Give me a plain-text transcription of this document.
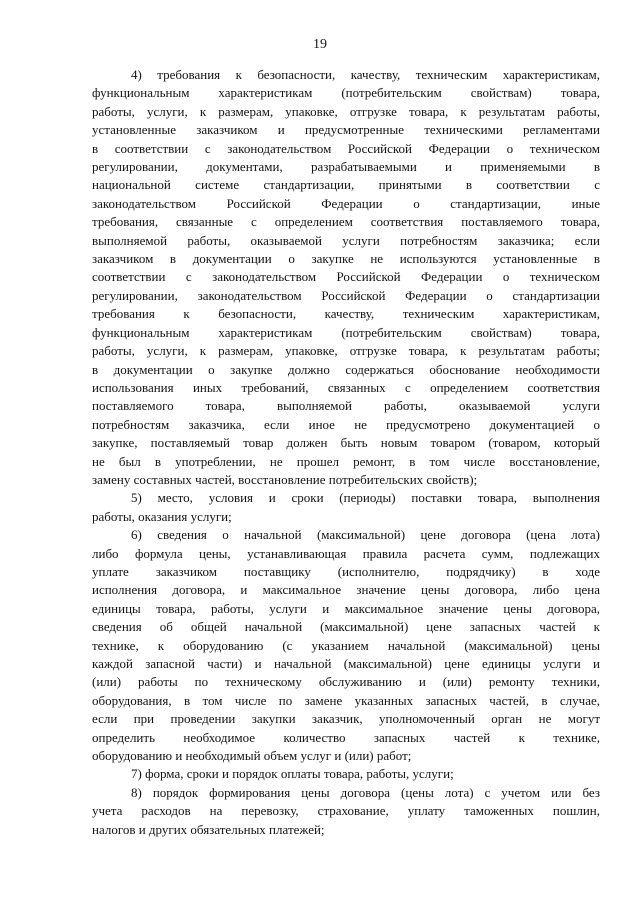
19
4) требования к безопасности, качеству, техническим характеристикам,
функциональным характеристикам (потребительским свойствам) товара,
работы, услуги, к размерам, упаковке, отгрузке товара, к результатам работы,
установленные заказчиком и предусмотренные техническими регламентами
в соответствии с законодательством Российской Федерации о техническом
регулировании, документами, разрабатываемыми и применяемыми в
национальной системе стандартизации, принятыми в соответствии с
законодательством Российской Федерации о стандартизации, иные
требования, связанные с определением соответствия поставляемого товара,
выполняемой работы, оказываемой услуги потребностям заказчика; если
заказчиком в документации о закупке не используются установленные в
соответствии с законодательством Российской Федерации о техническом
регулировании, законодательством Российской Федерации о стандартизации
требования к безопасности, качеству, техническим характеристикам,
функциональным характеристикам (потребительским свойствам) товара,
работы, услуги, к размерам, упаковке, отгрузке товара, к результатам работы;
в документации о закупке должно содержаться обоснование необходимости
использования иных требований, связанных с определением соответствия
поставляемого товара, выполняемой работы, оказываемой услуги
потребностям заказчика, если иное не предусмотрено документацией о
закупке, поставляемый товар должен быть новым товаром (товаром, который
не был в употреблении, не прошел ремонт, в том числе восстановление,
замену составных частей, восстановление потребительских свойств);
5) место, условия и сроки (периоды) поставки товара, выполнения
работы, оказания услуги;
6) сведения о начальной (максимальной) цене договора (цена лота)
либо формула цены, устанавливающая правила расчета сумм, подлежащих
уплате заказчиком поставщику (исполнителю, подрядчику) в ходе
исполнения договора, и максимальное значение цены договора, либо цена
единицы товара, работы, услуги и максимальное значение цены договора,
сведения об общей начальной (максимальной) цене запасных частей к
технике, к оборудованию (с указанием начальной (максимальной) цены
каждой запасной части) и начальной (максимальной) цене единицы услуги и
(или) работы по техническому обслуживанию и (или) ремонту техники,
оборудования, в том числе по замене указанных запасных частей, в случае,
если при проведении закупки заказчик, уполномоченный орган не могут
определить необходимое количество запасных частей к технике,
оборудованию и необходимый объем услуг и (или) работ;
7) форма, сроки и порядок оплаты товара, работы, услуги;
8) порядок формирования цены договора (цены лота) с учетом или без
учета расходов на перевозку, страхование, уплату таможенных пошлин,
налогов и других обязательных платежей;
